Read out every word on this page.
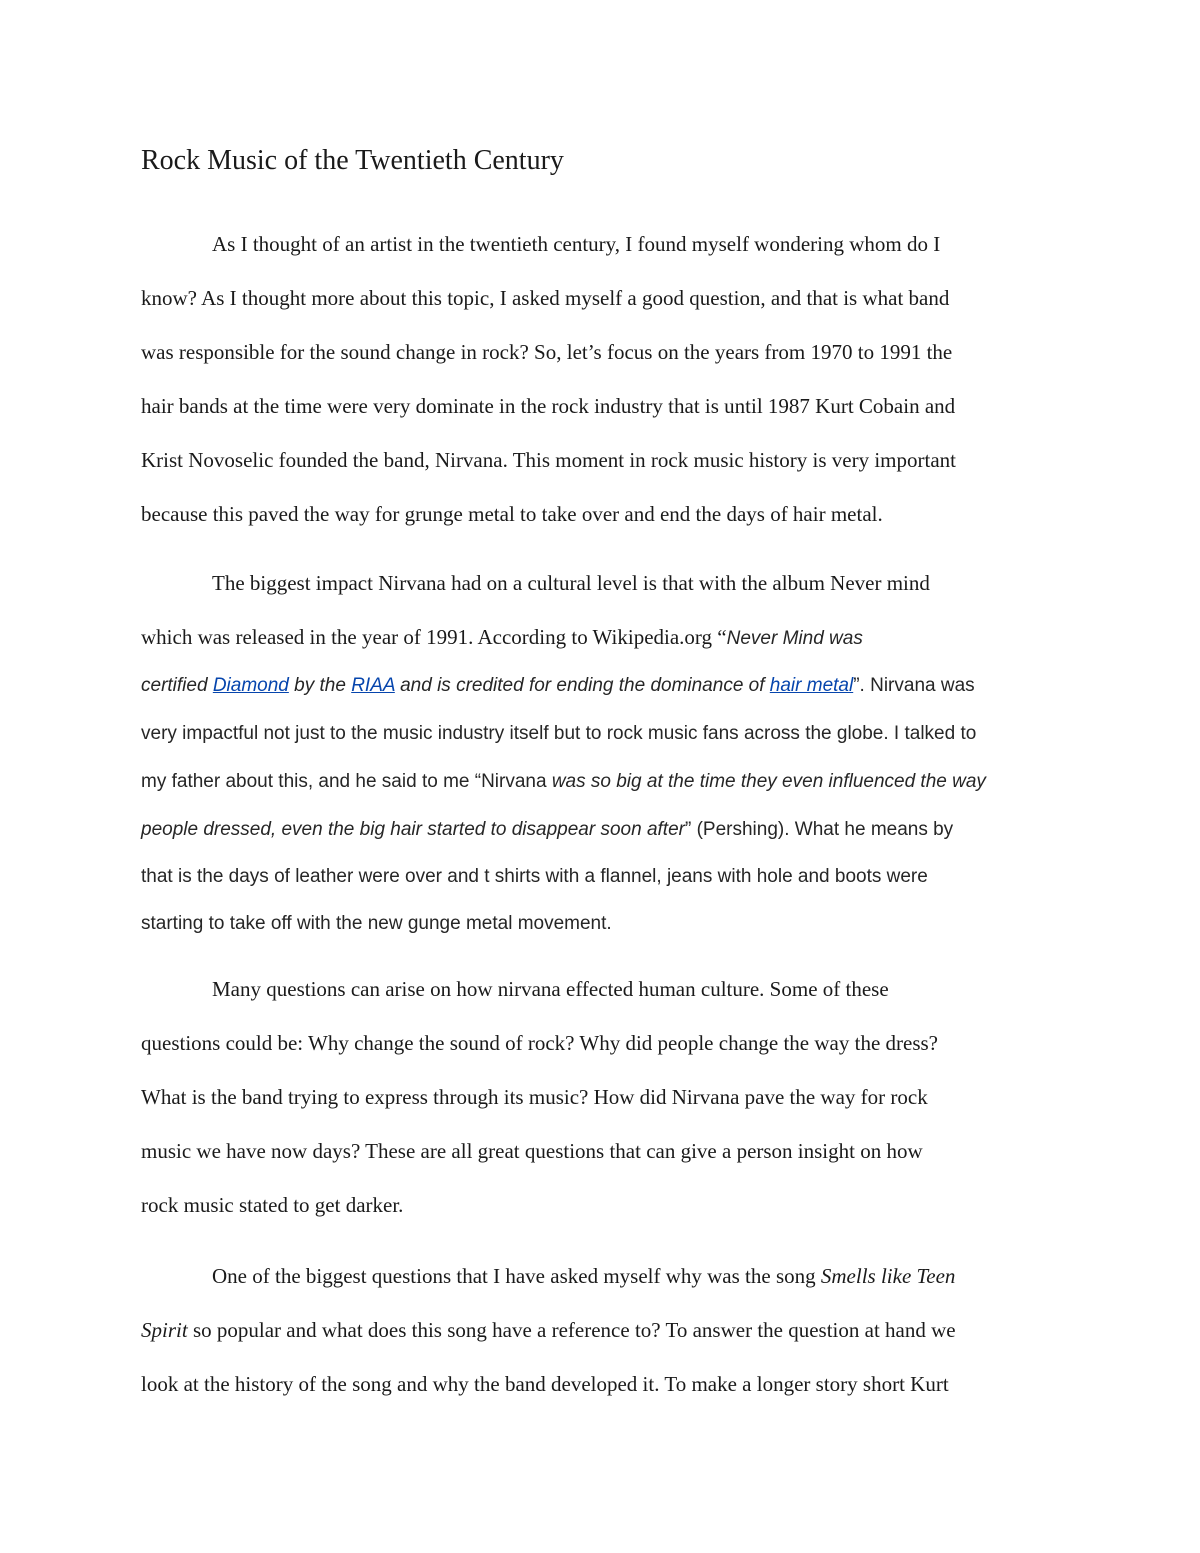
Rock Music of the Twentieth Century
As I thought of an artist in the twentieth century, I found myself wondering whom do I
know? As I thought more about this topic, I asked myself a good question, and that is what band
was responsible for the sound change in rock? So, let’s focus on the years from 1970 to 1991 the
hair bands at the time were very dominate in the rock industry that is until 1987 Kurt Cobain and
Krist Novoselic founded the band, Nirvana. This moment in rock music history is very important
because this paved the way for grunge metal to take over and end the days of hair metal.
The biggest impact Nirvana had on a cultural level is that with the album Never mind
which was released in the year of 1991. According to Wikipedia.org “Never Mind was
certified Diamond by the RIAA and is credited for ending the dominance of hair metal”. Nirvana was
very impactful not just to the music industry itself but to rock music fans across the globe. I talked to
my father about this, and he said to me “Nirvana was so big at the time they even influenced the way
people dressed, even the big hair started to disappear soon after” (Pershing). What he means by
that is the days of leather were over and t shirts with a flannel, jeans with hole and boots were
starting to take off with the new gunge metal movement.
Many questions can arise on how nirvana effected human culture. Some of these
questions could be: Why change the sound of rock? Why did people change the way the dress?
What is the band trying to express through its music? How did Nirvana pave the way for rock
music we have now days? These are all great questions that can give a person insight on how
rock music stated to get darker.
One of the biggest questions that I have asked myself why was the song Smells like Teen
Spirit so popular and what does this song have a reference to? To answer the question at hand we
look at the history of the song and why the band developed it. To make a longer story short Kurt
